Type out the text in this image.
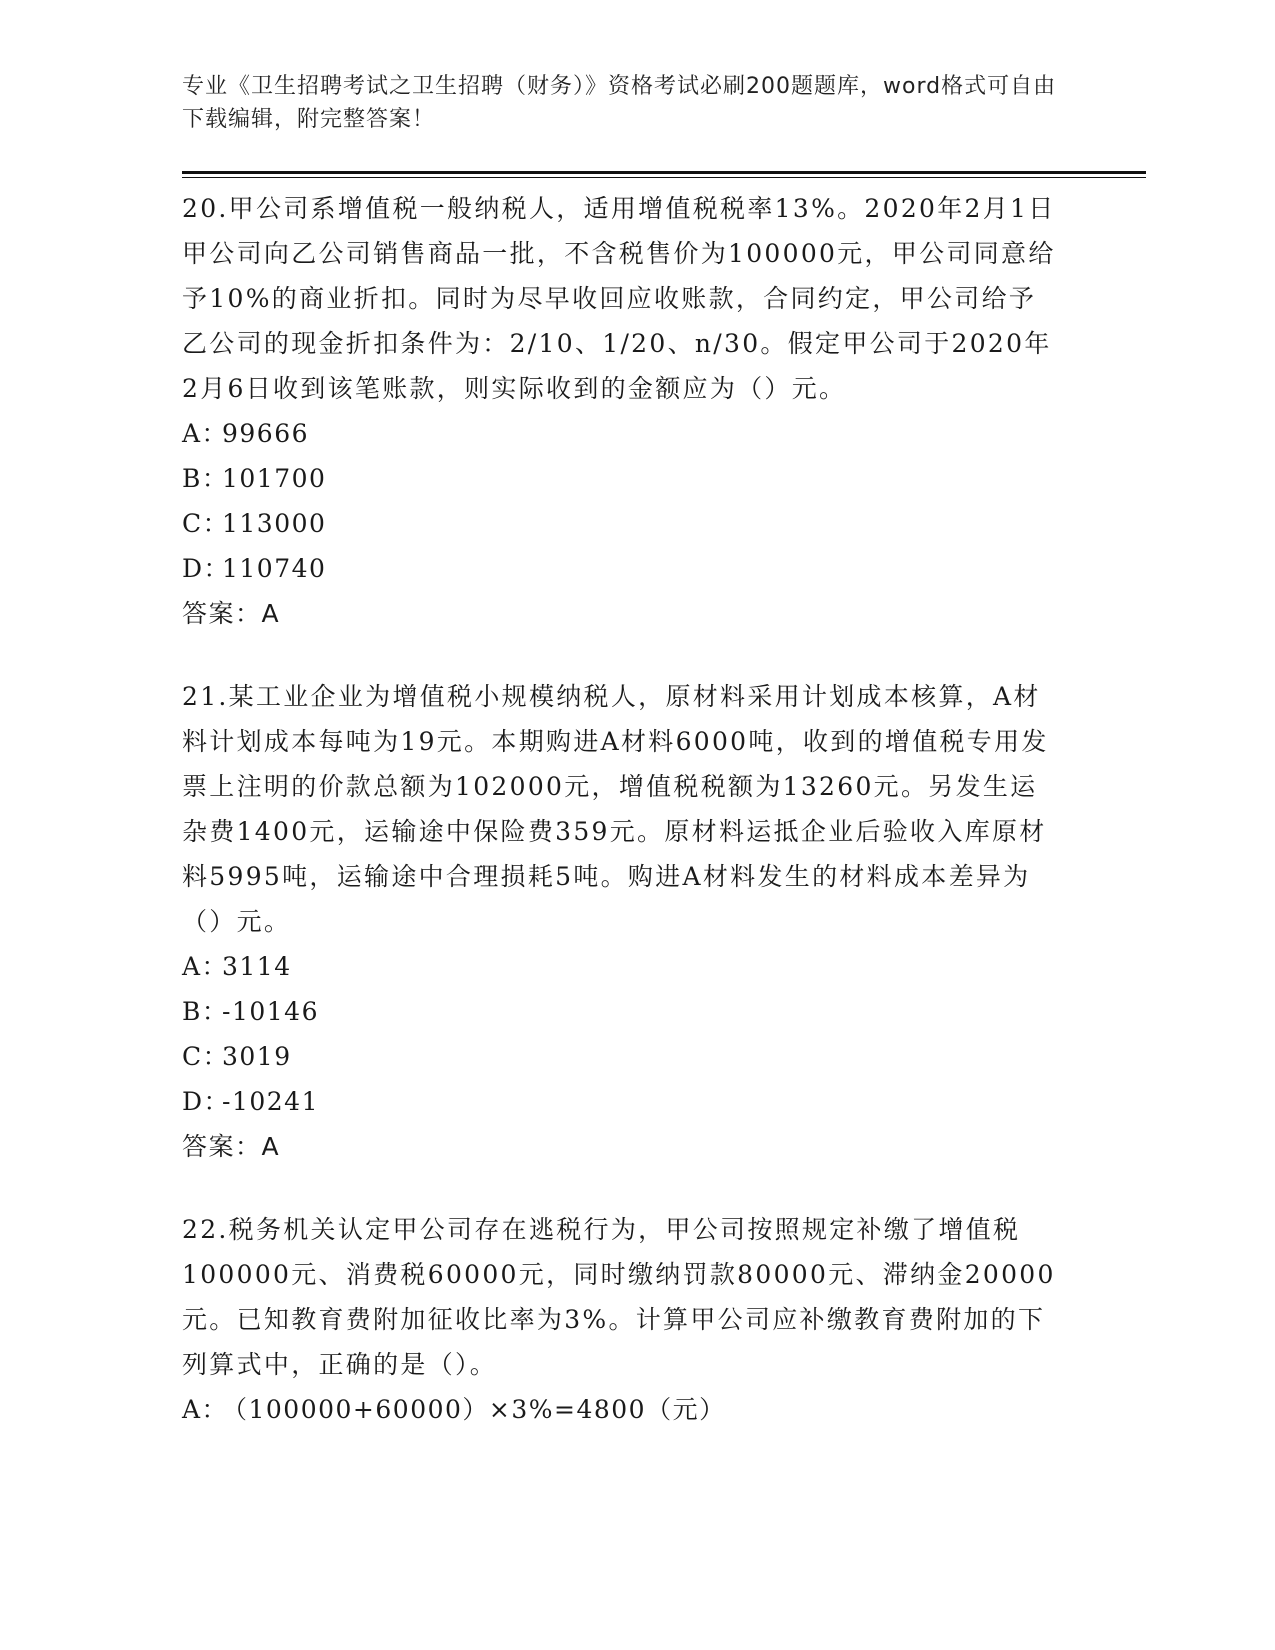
专业《卫生招聘考试之卫生招聘（财务）》资格考试必刷200题题库，word格式可自由下载编辑，附完整答案！

20.甲公司系增值税一般纳税人，适用增值税税率13%。2020年2月1日甲公司向乙公司销售商品一批，不含税售价为100000元，甲公司同意给予10%的商业折扣。同时为尽早收回应收账款，合同约定，甲公司给予乙公司的现金折扣条件为：2/10、1/20、n/30。假定甲公司于2020年2月6日收到该笔账款，则实际收到的金额应为（）元。

A：99666

B：101700

C：113000

D：110740

答案：A

21.某工业企业为增值税小规模纳税人，原材料采用计划成本核算，A材料计划成本每吨为19元。本期购进A材料6000吨，收到的增值税专用发票上注明的价款总额为102000元，增值税税额为13260元。另发生运杂费1400元，运输途中保险费359元。原材料运抵企业后验收入库原材料5995吨，运输途中合理损耗5吨。购进A材料发生的材料成本差异为（）元。

A：3114

B：-10146

C：3019

D：-10241

答案：A

22.税务机关认定甲公司存在逃税行为，甲公司按照规定补缴了增值税100000元、消费税60000元，同时缴纳罚款80000元、滞纳金20000元。已知教育费附加征收比率为3%。计算甲公司应补缴教育费附加的下列算式中，正确的是（）。

A：（100000+60000）×3%=4800（元）
